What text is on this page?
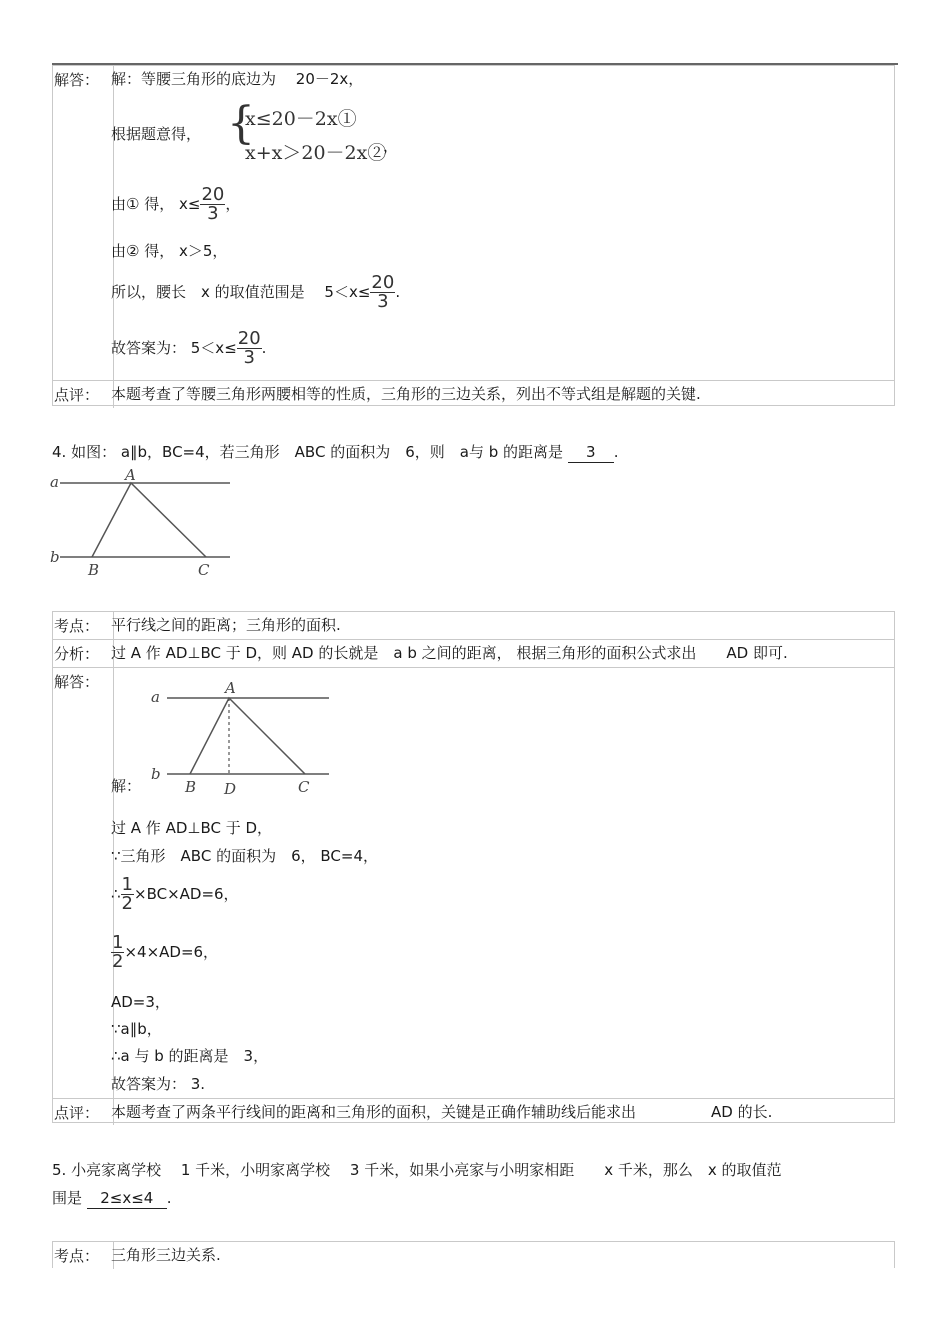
解答： 解：等腰三角形的底边为　 20－2x，
根据题意得， {
x≤20－2x①
x+x＞20－2x②
，
由① 得， $x\le \frac{20}{3}$ ，
由② 得， x＞5，
所以，腰长　x 的取值范围是　 $5<x\le \frac{20}{3}$ .
故答案为： $5<x\le \frac{20}{3}$ .
点评： 本题考查了等腰三角形两腰相等的性质，三角形的三边关系，列出不等式组是解题的关键.
4. 如图： a∥b，BC=4，若三角形　ABC 的面积为　6，则　a与 b 的距离是 3 .
a
b
A
B	C
考点： 平行线之间的距离；三角形的面积.
分析： 过 A 作 AD⊥BC 于 D，则 AD 的长就是　a b 之间的距离， 根据三角形的面积公式求出　　AD 即可.
解答：
a
b
A
B D	C
解：
过 A 作 AD⊥BC 于 D，
∵三角形　ABC 的面积为　6， BC=4，
∴ $\frac{1}{2} \times BC\times AD=6$，
$\frac{1}{2} \times 4\times AD=6$，
AD=3，
∵a∥b，
∴a 与 b 的距离是　3，
故答案为： 3.
点评： 本题考查了两条平行线间的距离和三角形的面积，关键是正确作辅助线后能求出　　　　　AD 的长.
5. 小亮家离学校　 1 千米，小明家离学校　 3 千米，如果小亮家与小明家相距　　x 千米，那么　x 的取值范
围是 2≤x≤4 .
考点： 三角形三边关系.
